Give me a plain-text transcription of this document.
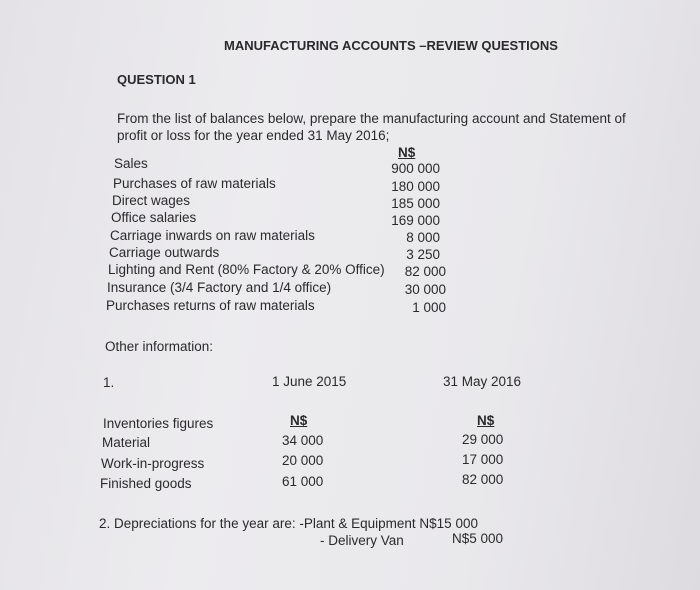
MANUFACTURING ACCOUNTS –REVIEW QUESTIONS
QUESTION 1
From the list of balances below, prepare the manufacturing account and Statement of
profit or loss for the year ended 31 May 2016;
N$
Sales	900 000
Purchases of raw materials	180 000
Direct wages	185 000
Office salaries	169 000
Carriage inwards on raw materials	8 000
Carriage outwards	3 250
Lighting and Rent (80% Factory & 20% Office)	82 000
Insurance (3/4 Factory and 1/4 office)	30 000
Purchases returns of raw materials	1 000
Other information:
1.	1 June 2015	31 May 2016
N$	N$
Inventories figures
Material	34 000	29 000
Work-in-progress	20 000	17 000
Finished goods	61 000	82 000
2. Depreciations for the year are: -Plant & Equipment N$15 000
- Delivery Van	N$5 000
